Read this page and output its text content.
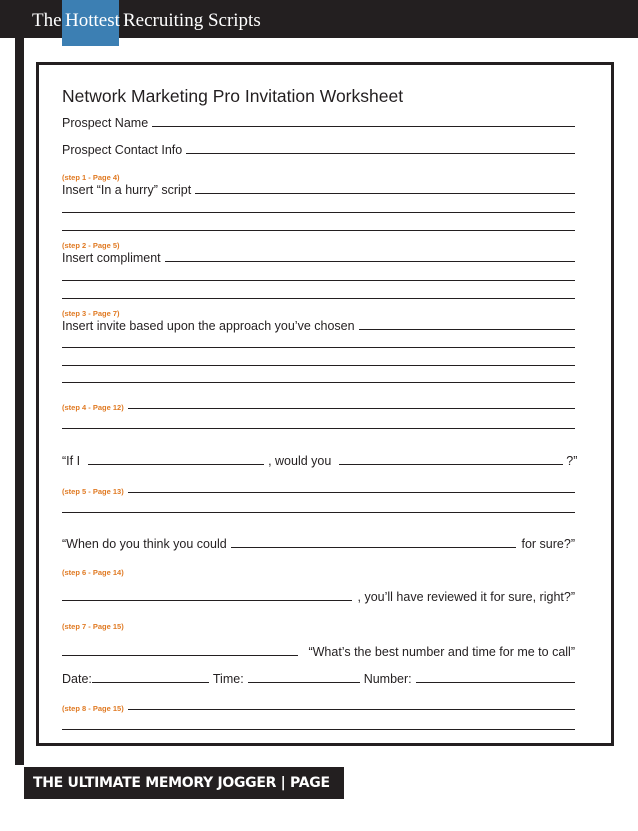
The Hottest Recruiting Scripts
Network Marketing Pro Invitation Worksheet
Prospect Name
Prospect Contact Info
(step 1 - Page 4)
Insert “In a hurry” script
(step 2 - Page 5)
Insert compliment
(step 3 - Page 7)
Insert invite based upon the approach you’ve chosen
(step 4 - Page 12)
“If I	, would you	?”
(step 5 - Page 13)
“When do you think you could	for sure?”
(step 6 - Page 14)
, you’ll have reviewed it for sure, right?”
(step 7 - Page 15)
“What’s the best number and time for me to call”
Date:	Time:	Number:
(step 8 - Page 15)
THE ULTIMATE MEMORY JOGGER | PAGE 70
